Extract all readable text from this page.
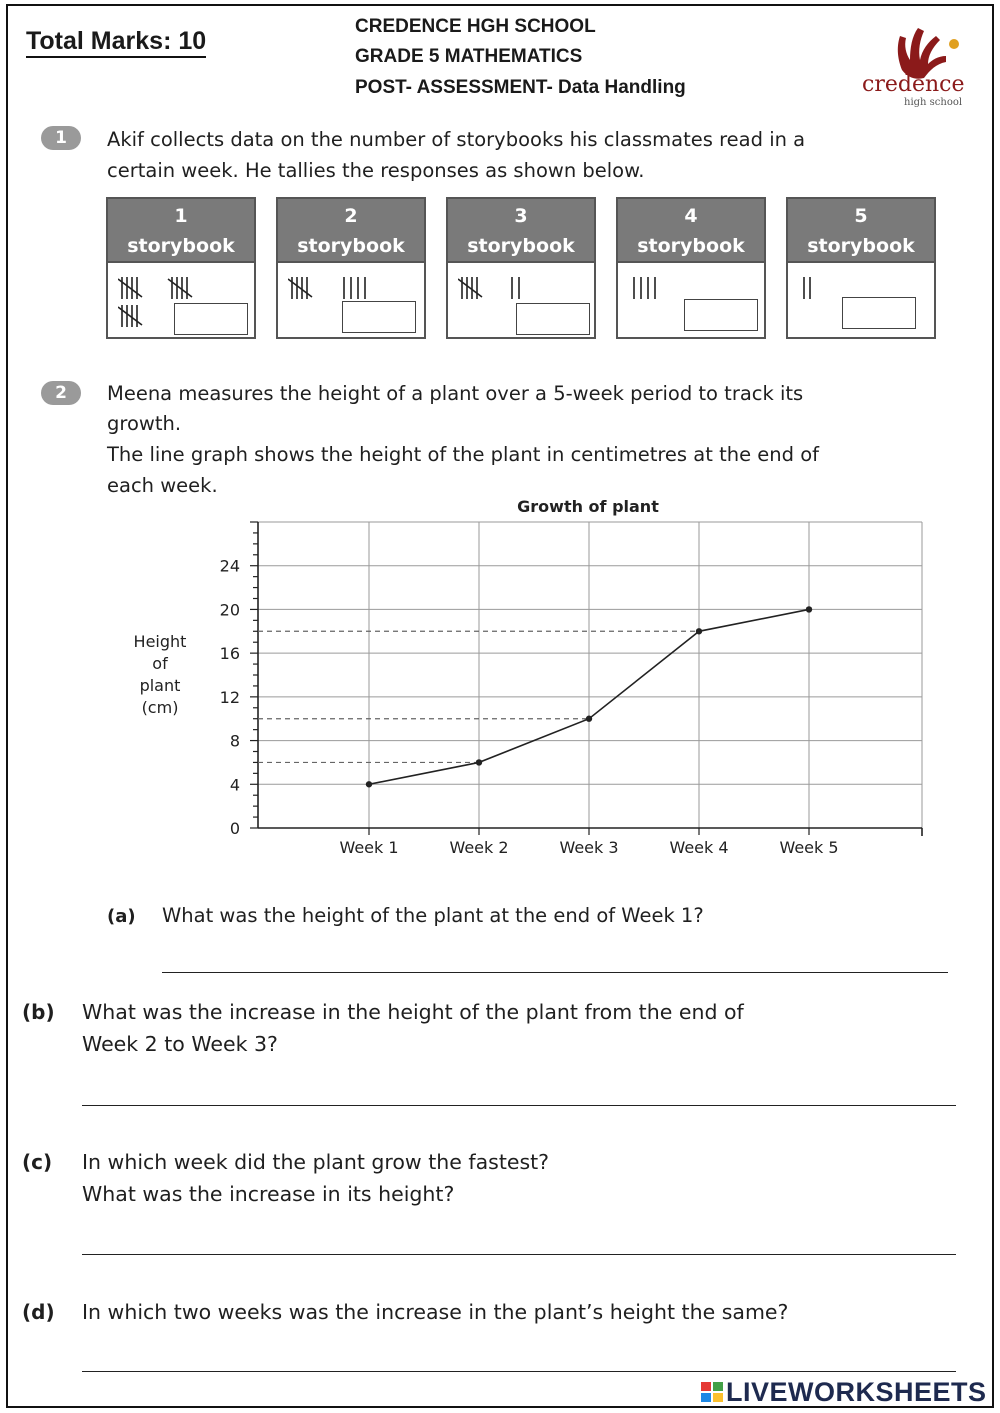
Total Marks: 10
CREDENCE HGH SCHOOL
GRADE 5 MATHEMATICS
POST- ASSESSMENT- Data Handling	credence
high school
1	Akif collects data on the number of storybooks his classmates read in a
certain week. He tallies the responses as shown below.
1
storybook
2
storybook
3
storybook
4
storybook
5
storybook
2	Meena measures the height of a plant over a 5-week period to track its
growth.
The line graph shows the height of the plant in centimetres at the end of
each week.
Growth of plant
Height
of
plant
(cm)
0
4
8
12
16
20
24
Week 1	Week 2	Week 3	Week 4	Week 5
(a) What was the height of the plant at the end of Week 1?
(b) What was the increase in the height of the plant from the end of
Week 2 to Week 3?
(c) In which week did the plant grow the fastest?
What was the increase in its height?
(d) In which two weeks was the increase in the plant’s height the same?
LIVEWORKSHEETS
